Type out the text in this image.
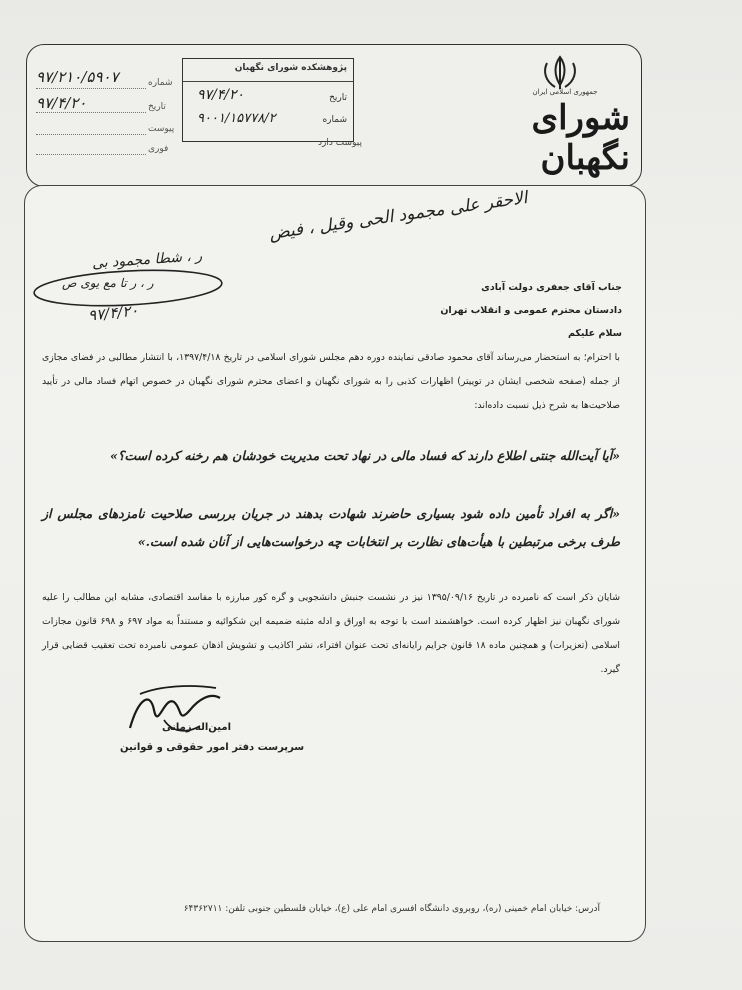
جمهوری اسلامی ایران
شورای نگهبان
پژوهشکده شورای نگهبان
تاریخ
۹۷/۴/۲۰
شماره
۹۰۰۱/۱۵۷۷۸/۲
پیوست دارد
۹۷/۲۱۰/۵۹۰۷
۹۷/۴/۲۰
شماره
تاریخ
پیوست
فوری
الاحقر علی مجمود الحی وقیل ، فیض
ر ، شطا مجمود بی
ر ، ر تا مع یوی ص
۹۷/۴/۲۰
جناب آقای جعفری دولت آبادی
دادستان محترم عمومی و انقلاب تهران
سلام علیکم
با احترام؛ به استحضار می‌رساند آقای محمود صادقی نماینده دوره دهم مجلس شورای اسلامی در تاریخ ۱۳۹۷/۴/۱۸، با انتشار مطالبی در فضای مجازی از جمله (صفحه شخصی ایشان در توییتر) اظهارات کذبی را به شورای نگهبان و اعضای محترم شورای نگهبان در خصوص اتهام فساد مالی در تأیید صلاحیت‌ها به شرح ذیل نسبت داده‌اند:
«آیا آیت‌الله جنتی اطلاع دارند که فساد مالی در نهاد تحت مدیریت خودشان هم رخنه کرده است؟»
«اگر به افراد تأمین داده شود بسیاری حاضرند شهادت بدهند در جریان بررسی صلاحیت نامزدهای مجلس از طرف برخی مرتبطین با هیأت‌های نظارت بر انتخابات چه درخواست‌هایی از آنان شده است.»
شایان ذکر است که نامبرده در تاریخ ۱۳۹۵/۰۹/۱۶ نیز در نشست جنبش دانشجویی و گره کور مبارزه با مفاسد اقتصادی، مشابه این مطالب را علیه شورای نگهبان نیز اظهار کرده است. خواهشمند است با توجه به اوراق و ادله مثبته ضمیمه این شکوائیه و مستنداً به مواد ۶۹۷ و ۶۹۸ قانون مجازات اسلامی (تعزیرات) و همچنین ماده ۱۸ قانون جرایم رایانه‌ای تحت عنوان افتراء، نشر اکاذیب و تشویش اذهان عمومی نامبرده تحت تعقیب قضایی قرار گیرد.
امین‌اله زمانی
سرپرست دفتر امور حقوقی و قوانین
آدرس: خیابان امام خمینی (ره)، روبروی دانشگاه افسری امام علی (ع)، خیابان فلسطین جنوبی تلفن: ۶۴۳۶۲۷۱۱
